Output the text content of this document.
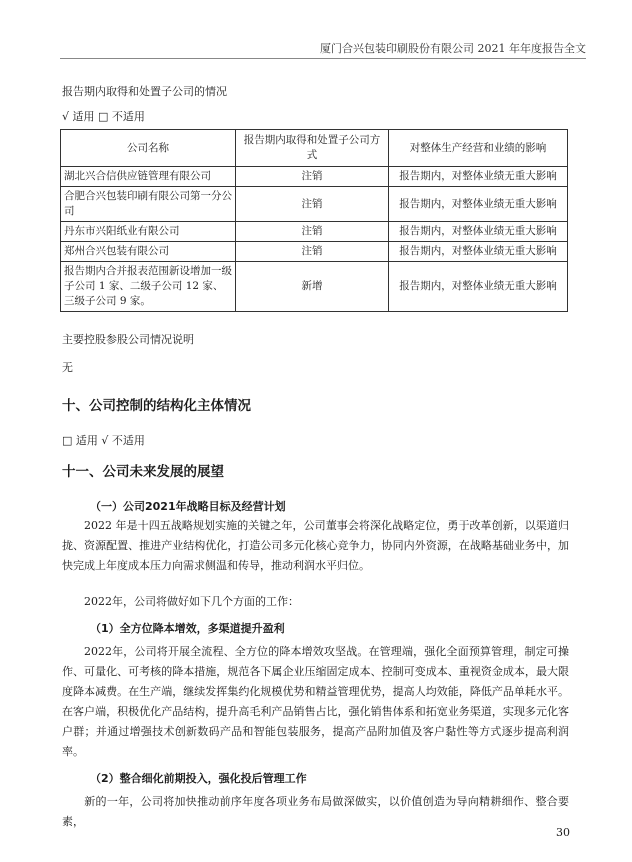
厦门合兴包装印刷股份有限公司 2021 年年度报告全文
报告期内取得和处置子公司的情况
√ 适用 □ 不适用
公司名称	报告期内取得和处置子公司方式	对整体生产经营和业绩的影响
湖北兴合信供应链管理有限公司	注销	报告期内，对整体业绩无重大影响
合肥合兴包装印刷有限公司第一分公司	注销	报告期内，对整体业绩无重大影响
丹东市兴阳纸业有限公司	注销	报告期内，对整体业绩无重大影响
郑州合兴包装有限公司	注销	报告期内，对整体业绩无重大影响
报告期内合并报表范围新设增加一级子公司 1 家、二级子公司 12 家、三级子公司 9 家。	新增	报告期内，对整体业绩无重大影响
主要控股参股公司情况说明
无
十、公司控制的结构化主体情况
□ 适用 √ 不适用
十一、公司未来发展的展望
（一）公司2021年战略目标及经营计划
2022 年是十四五战略规划实施的关键之年，公司董事会将深化战略定位，勇于改革创新，以渠道归拢、资源配置、推进产业结构优化，打造公司多元化核心竞争力，协同内外资源，在战略基础业务中，加快完成上年度成本压力向需求侧温和传导，推动利润水平归位。
2022年，公司将做好如下几个方面的工作：
（1）全方位降本增效，多渠道提升盈利
2022年，公司将开展全流程、全方位的降本增效攻坚战。在管理端，强化全面预算管理，制定可操作、可量化、可考核的降本措施，规范各下属企业压缩固定成本、控制可变成本、重视资金成本，最大限度降本减费。在生产端，继续发挥集约化规模优势和精益管理优势，提高人均效能，降低产品单耗水平。在客户端，积极优化产品结构，提升高毛利产品销售占比，强化销售体系和拓宽业务渠道，实现多元化客户群；并通过增强技术创新数码产品和智能包装服务，提高产品附加值及客户黏性等方式逐步提高利润率。
（2）整合细化前期投入，强化投后管理工作
新的一年，公司将加快推动前序年度各项业务布局做深做实，以价值创造为导向精耕细作、整合要素，
30
